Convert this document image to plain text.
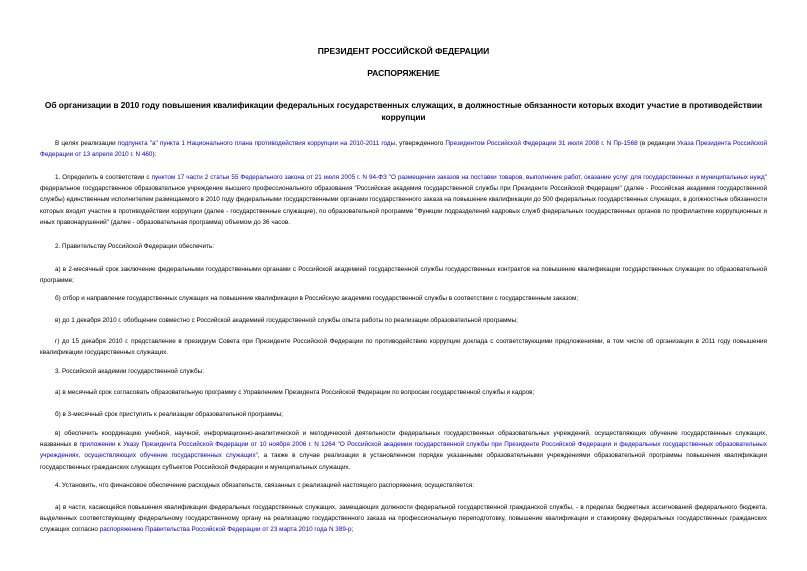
ПРЕЗИДЕНТ РОССИЙСКОЙ ФЕДЕРАЦИИ
РАСПОРЯЖЕНИЕ
Об организации в 2010 году повышения квалификации федеральных государственных служащих, в должностные обязанности которых входит участие в противодействии коррупции
В целях реализации подпункта "а" пункта 1 Национального плана противодействия коррупции на 2010-2011 годы, утвержденного Президентом Российской Федерации 31 июля 2008 г. N Пр-1568 (в редакции Указа Президента Российской Федерации от 13 апреля 2010 г. N 460):
1. Определить в соответствии с пунктом 17 части 2 статьи 55 Федерального закона от 21 июля 2005 г. N 94-ФЗ "О размещении заказов на поставки товаров, выполнение работ, оказание услуг для государственных и муниципальных нужд" федеральное государственное образовательное учреждение высшего профессионального образования "Российская академия государственной службы при Президенте Российской Федерации" (далее - Российская академия государственной службы) единственным исполнителем размещаемого в 2010 году федеральными государственными органами государственного заказа на повышение квалификации до 500 федеральных государственных служащих, в должностные обязанности которых входит участие в противодействии коррупции (далее - государственные служащие), по образовательной программе "Функции подразделений кадровых служб федеральных государственных органов по профилактике коррупционных и иных правонарушений" (далее - образовательная программа) объемом до 36 часов.
2. Правительству Российской Федерации обеспечить:
а) в 2-месячный срок заключение федеральными государственными органами с Российской академией государственной службы государственных контрактов на повышение квалификации государственных служащих по образовательной программе;
б) отбор и направление государственных служащих на повышение квалификации в Российскую академию государственной службы в соответствии с государственным заказом;
в) до 1 декабря 2010 г. обобщение совместно с Российской академией государственной службы опыта работы по реализации образовательной программы;
г) до 15 декабря 2010 г. представление в президиум Совета при Президенте Российской Федерации по противодействию коррупции доклада с соответствующими предложениями, в том числе об организации в 2011 году повышения квалификации государственных служащих.
3. Российской академии государственной службы:
а) в месячный срок согласовать образовательную программу с Управлением Президента Российской Федерации по вопросам государственной службы и кадров;
б) в 3-месячный срок приступить к реализации образовательной программы;
в) обеспечить координацию учебной, научной, информационно-аналитической и методической деятельности федеральных государственных образовательных учреждений, осуществляющих обучение государственных служащих, названных в приложении к Указу Президента Российской Федерации от 10 ноября 2006 г. N 1264 "О Российской академии государственной службы при Президенте Российской Федерации и федеральных государственных образовательных учреждениях, осуществляющих обучение государственных служащих", а также в случае реализации в установленном порядке указанными образовательными учреждениями образовательной программы повышения квалификации государственных гражданских служащих субъектов Российской Федерации и муниципальных служащих.
4. Установить, что финансовое обеспечение расходных обязательств, связанных с реализацией настоящего распоряжения, осуществляется:
а) в части, касающейся повышения квалификации федеральных государственных служащих, замещающих должности федеральной государственной гражданской службы, - в пределах бюджетных ассигнований федерального бюджета, выделенных соответствующему федеральному государственному органу на реализацию государственного заказа на профессиональную переподготовку, повышение квалификации и стажировку федеральных государственных гражданских служащих согласно распоряжению Правительства Российской Федерации от 23 марта 2010 года N 389-р;
